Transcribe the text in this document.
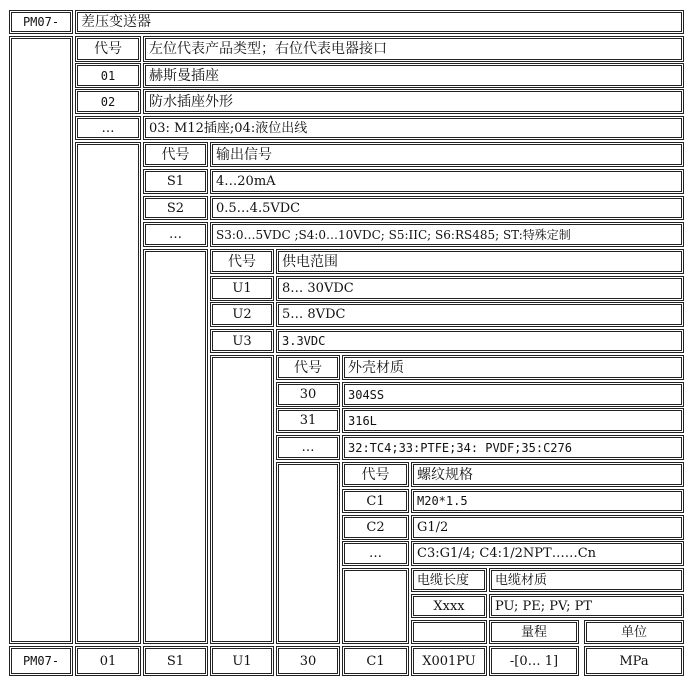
PM07- 差压变送器
代号 左位代表产品类型；右位代表电器接口
01 赫斯曼插座
02 防水插座外形
…	03: M12插座;04:液位出线
代号 输出信号
S1 4…20mA
S2 0.5…4.5VDC
…	S3:0…5VDC ;S4:0…10VDC; S5:IIC; S6:RS485; ST:特殊定制
代号 供电范围
U1 8… 30VDC
U2 5… 8VDC
U3	3.3VDC
代号 外壳材质
30	304SS
31	316L
…	32:TC4;33:PTFE;34: PVDF;35:C276
代号 螺纹规格
C1	M20*1.5
C2 G1/2
…	C3:G1/4; C4:1/2NPT……Cn
电缆长度 电缆材质
Xxxx PU; PE; PV; PT
量程	单位
PM07-	01	S1	U1	30	C1	X001PU	-[0… 1]	MPa
